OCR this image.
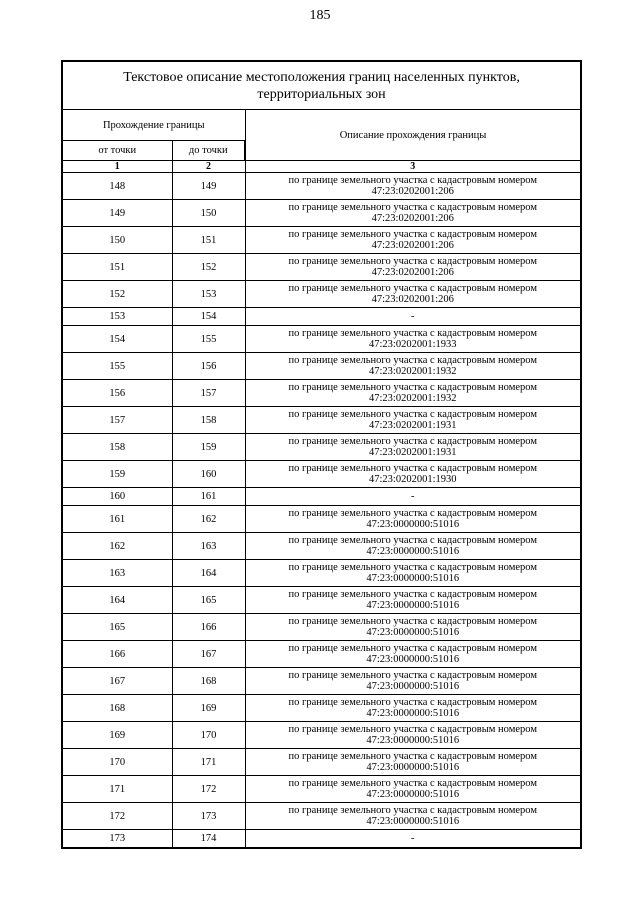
185
Текстовое описание местоположения границ населенных пунктов,
территориальных зон		

Прохождение границы		Описание прохождения границы
от точки	до точки	
1	2	3
148	149	по границе земельного участка с кадастровым номером
47:23:0202001:206

149	150	по границе земельного участка с кадастровым номером
47:23:0202001:206

150	151	по границе земельного участка с кадастровым номером
47:23:0202001:206

151	152	по границе земельного участка с кадастровым номером
47:23:0202001:206

152	153	по границе земельного участка с кадастровым номером
47:23:0202001:206

153	154	-

154	155	по границе земельного участка с кадастровым номером
47:23:0202001:1933

155	156	по границе земельного участка с кадастровым номером
47:23:0202001:1932

156	157	по границе земельного участка с кадастровым номером
47:23:0202001:1932

157	158	по границе земельного участка с кадастровым номером
47:23:0202001:1931

158	159	по границе земельного участка с кадастровым номером
47:23:0202001:1931

159	160	по границе земельного участка с кадастровым номером
47:23:0202001:1930

160	161	-

161	162	по границе земельного участка с кадастровым номером
47:23:0000000:51016

162	163	по границе земельного участка с кадастровым номером
47:23:0000000:51016

163	164	по границе земельного участка с кадастровым номером
47:23:0000000:51016

164	165	по границе земельного участка с кадастровым номером
47:23:0000000:51016

165	166	по границе земельного участка с кадастровым номером
47:23:0000000:51016

166	167	по границе земельного участка с кадастровым номером
47:23:0000000:51016

167	168	по границе земельного участка с кадастровым номером
47:23:0000000:51016

168	169	по границе земельного участка с кадастровым номером
47:23:0000000:51016

169	170	по границе земельного участка с кадастровым номером
47:23:0000000:51016

170	171	по границе земельного участка с кадастровым номером
47:23:0000000:51016

171	172	по границе земельного участка с кадастровым номером
47:23:0000000:51016

172	173	по границе земельного участка с кадастровым номером
47:23:0000000:51016

173	174	-
